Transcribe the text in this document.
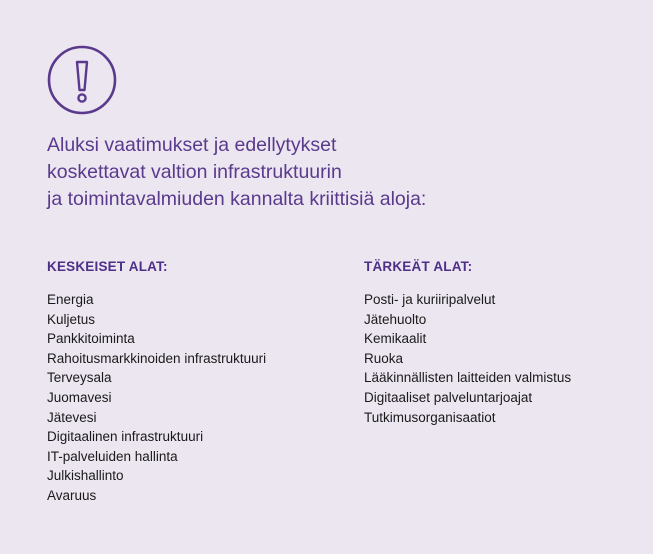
Aluksi vaatimukset ja edellytykset
koskettavat valtion infrastruktuurin
ja toimintavalmiuden kannalta kriittisiä aloja:

KESKEISET ALAT:
Energia
Kuljetus
Pankkitoiminta
Rahoitusmarkkinoiden infrastruktuuri
Terveysala
Juomavesi
Jätevesi
Digitaalinen infrastruktuuri
IT-palveluiden hallinta
Julkishallinto
Avaruus
TÄRKEÄT ALAT:
Posti- ja kuriiripalvelut
Jätehuolto
Kemikaalit
Ruoka
Lääkinnällisten laitteiden valmistus
Digitaaliset palveluntarjoajat
Tutkimusorganisaatiot
